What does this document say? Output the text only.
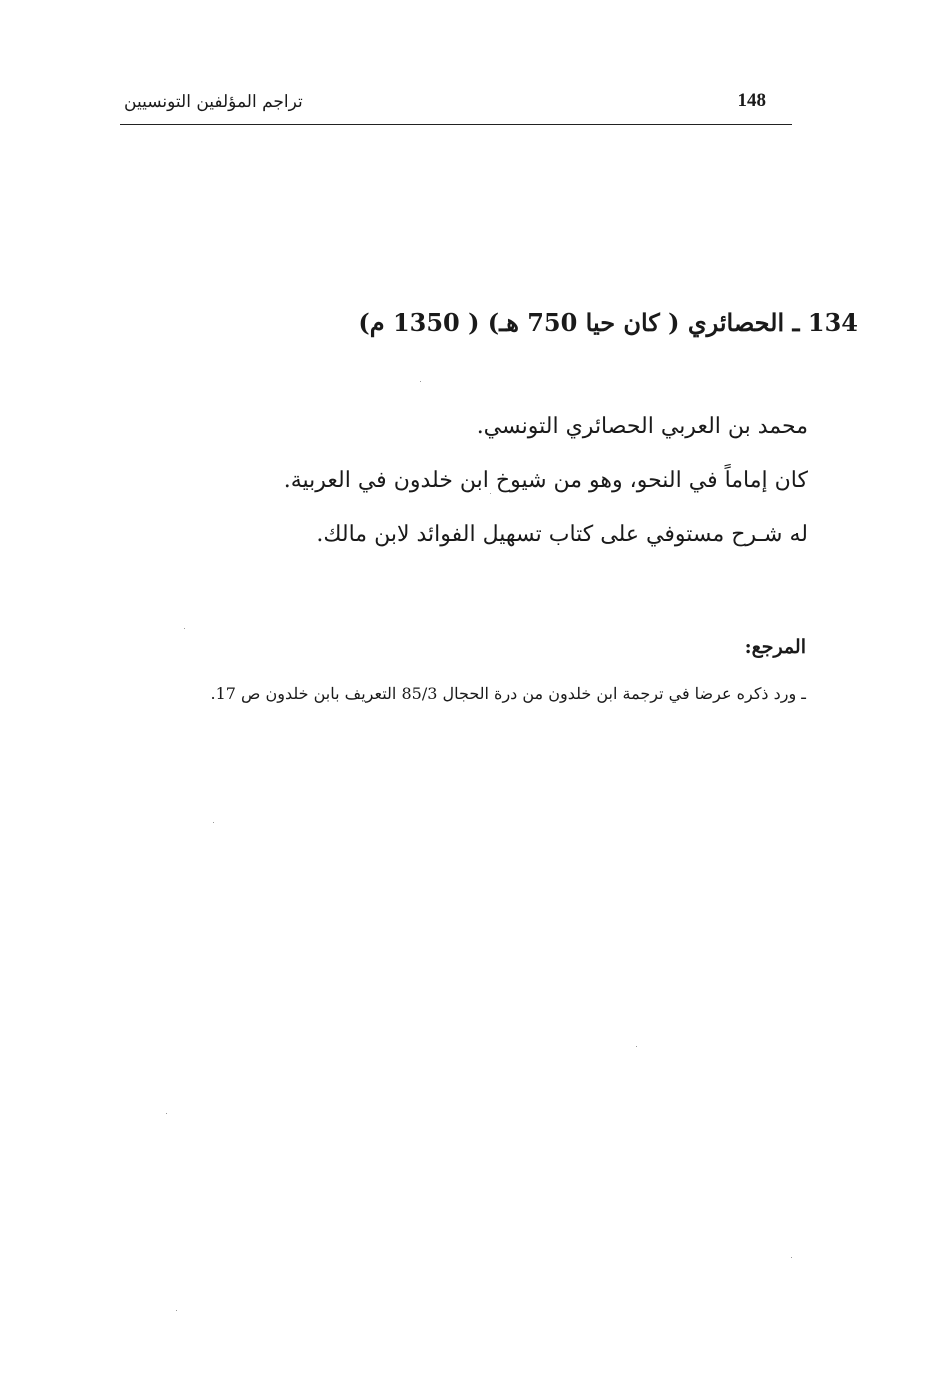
148
تراجم المؤلفين التونسيين
134 ـ الحصائري ( كان حيا 750 هـ) ( 1350 م)

محمد بن العربي الحصائري التونسي.

كان إماماً في النحو، وهو من شيوخ ابن خلدون في العربية.

له شـرح مستوفي على كتاب تسهيل الفوائد لابن مالك.

المرجع:

ـ ورد ذكره عرضا في ترجمة ابن خلدون من درة الحجال 85/3 التعريف بابن خلدون ص 17.
